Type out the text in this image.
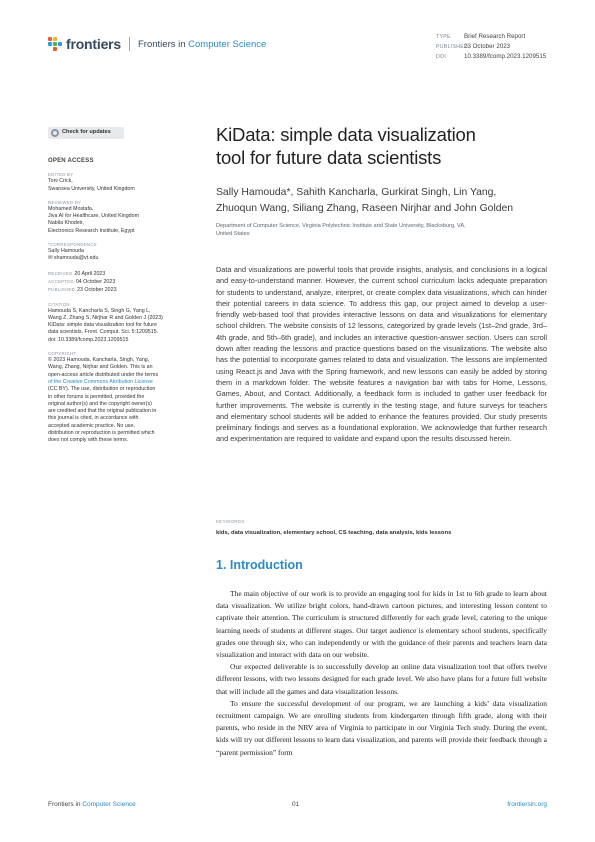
frontiers Frontiers in Computer Science
TYPE Brief Research Report
PUBLISHED23 October 2023
DOI	10.3389/fcomp.2023.1209515
Check for updates
OPEN ACCESS
EDITED BY
Toni Crick,
Swansea University, United Kingdom
REVIEWED BY
Mohamed Mostafa,
Jiva AI for Healthcare, United Kingdom
Nabila Khodeir,
Electronics Research Institute, Egypt
*CORRESPONDENCE
Sally Hamouda
✉ shamouda@vt.edu
RECEIVED 20 April 2023
ACCEPTED 04 October 2023
PUBLISHED 23 October 2023
CITATION
Hamouda S, Kancharla S, Singh G, Yang L,
Wang Z, Zhang S, Nirjhar R and Golden J (2023)
KiData: simple data visualization tool for future
data scientists. Front. Comput. Sci. 5:1209515.
doi: 10.3389/fcomp.2023.1209515
COPYRIGHT
© 2023 Hamouda, Kancharla, Singh, Yang,
Wang, Zhang, Nirjhar and Golden. This is an
open-access article distributed under the terms
of the Creative Commons Attribution License
(CC BY). The use, distribution or reproduction
in other forums is permitted, provided the
original author(s) and the copyright owner(s)
are credited and that the original publication in
this journal is cited, in accordance with
accepted academic practice. No use,
distribution or reproduction is permitted which
does not comply with these terms.
KiData: simple data visualization
tool for future data scientists
Sally Hamouda*, Sahith Kancharla, Gurkirat Singh, Lin Yang,
Zhuoqun Wang, Siliang Zhang, Raseen Nirjhar and John Golden
Department of Computer Science, Virginia Polytechnic Institute and State University, Blacksburg, VA,
United States

Data and visualizations are powerful tools that provide insights, analysis, and conclusions in a logical and easy-to-understand manner. However, the current school curriculum lacks adequate preparation for students to understand, analyze, interpret, or create complex data visualizations, which can hinder their potential careers in data science. To address this gap, our project aimed to develop a user-friendly web-based tool that provides interactive lessons on data and visualizations for elementary school children. The website consists of 12 lessons, categorized by grade levels (1st–2nd grade, 3rd–4th grade, and 5th–6th grade), and includes an interactive question-answer section. Users can scroll down after reading the lessons and practice questions based on the visualizations. The website also has the potential to incorporate games related to data and visualization. The lessons are implemented using React.js and Java with the Spring framework, and new lessons can easily be added by storing them in a markdown folder. The website features a navigation bar with tabs for Home, Lessons, Games, About, and Contact. Additionally, a feedback form is included to gather user feedback for further improvements. The website is currently in the testing stage, and future surveys for teachers and elementary school students will be added to enhance the features provided. Our study presents preliminary findings and serves as a foundational exploration. We acknowledge that further research and experimentation are required to validate and expand upon the results discussed herein.

KEYWORDS
kids, data visualization, elementary school, CS teaching, data analysis, kids lessons
1. Introduction

The main objective of our work is to provide an engaging tool for kids in 1st to 6th grade to learn about data visualization. We utilize bright colors, hand-drawn cartoon pictures, and interesting lesson content to captivate their attention. The curriculum is structured differently for each grade level, catering to the unique learning needs of students at different stages. Our target audience is elementary school students, specifically grades one through six, who can independently or with the guidance of their parents and teachers learn data visualization and interact with data on our website.

Our expected deliverable is to successfully develop an online data visualization tool that offers twelve different lessons, with two lessons designed for each grade level. We also have plans for a future full website that will include all the games and data visualization lessons.

To ensure the successful development of our program, we are launching a kids’ data visualization recruitment campaign. We are enrolling students from kindergarten through fifth grade, along with their parents, who reside in the NRV area of Virginia to participate in our Virginia Tech study. During the event, kids will try out different lessons to learn data visualization, and parents will provide their feedback through a “parent permission” form

Frontiers in Computer Science	01	frontiersin.org
